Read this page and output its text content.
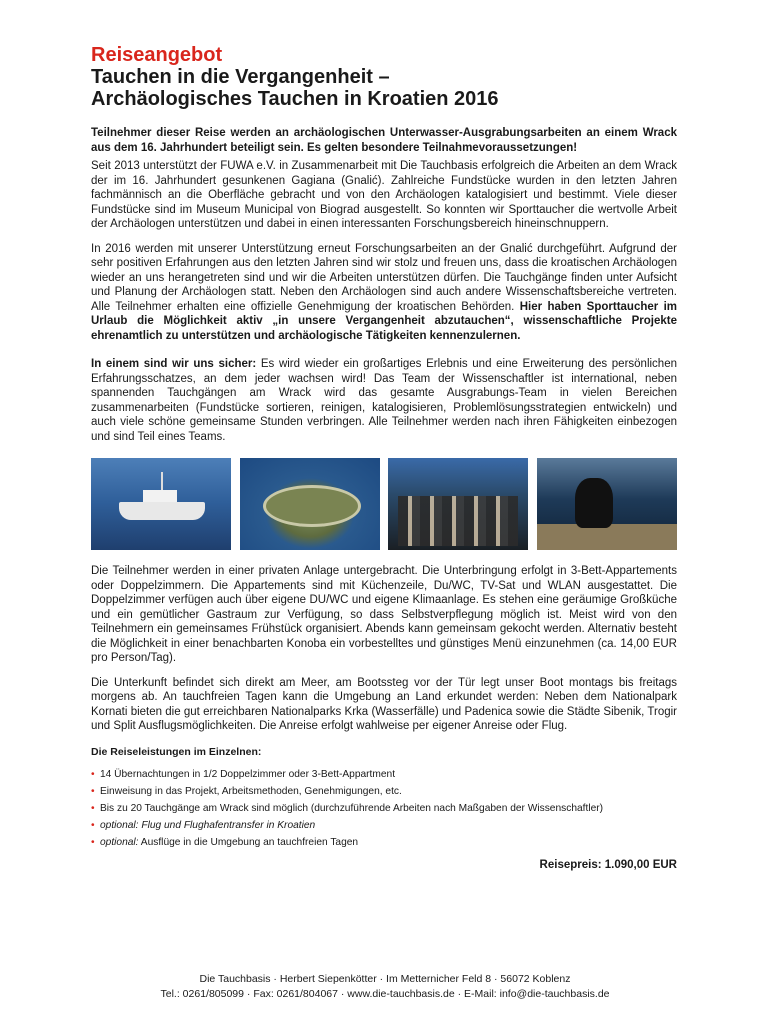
Reiseangebot
Tauchen in die Vergangenheit –
Archäologisches Tauchen in Kroatien 2016

Teilnehmer dieser Reise werden an archäologischen Unterwasser-Ausgrabungsarbeiten an einem Wrack aus dem 16. Jahrhundert beteiligt sein. Es gelten besondere Teilnahmevoraussetzungen!

Seit 2013 unterstützt der FUWA e.V. in Zusammenarbeit mit Die Tauchbasis erfolgreich die Arbeiten an dem Wrack der im 16. Jahrhundert gesunkenen Gagiana (Gnalić). Zahlreiche Fundstücke wurden in den letzten Jahren fachmännisch an die Oberfläche gebracht und von den Archäologen katalogisiert und bestimmt. Viele dieser Fundstücke sind im Museum Municipal von Biograd ausgestellt. So konnten wir Sporttaucher die wertvolle Arbeit der Archäologen unterstützen und dabei in einen interessanten Forschungsbereich hineinschnuppern.

In 2016 werden mit unserer Unterstützung erneut Forschungsarbeiten an der Gnalić durchgeführt. Aufgrund der sehr positiven Erfahrungen aus den letzten Jahren sind wir stolz und freuen uns, dass die kroatischen Archäologen wieder an uns herangetreten sind und wir die Arbeiten unterstützen dürfen. Die Tauchgänge finden unter Aufsicht und Planung der Archäologen statt. Neben den Archäologen sind auch andere Wissenschaftsbereiche vertreten. Alle Teilnehmer erhalten eine offizielle Genehmigung der kroatischen Behörden. Hier haben Sporttaucher im Urlaub die Möglichkeit aktiv „in unsere Vergangenheit abzutauchen“, wissenschaftliche Projekte ehrenamtlich zu unterstützen und archäologische Tätigkeiten kennenzulernen.

In einem sind wir uns sicher: Es wird wieder ein großartiges Erlebnis und eine Erweiterung des persönlichen Erfahrungsschatzes, an dem jeder wachsen wird! Das Team der Wissenschaftler ist international, neben spannenden Tauchgängen am Wrack wird das gesamte Ausgrabungs-Team in vielen Bereichen zusammenarbeiten (Fundstücke sortieren, reinigen, katalogisieren, Problemlösungsstrategien entwickeln) und auch viele schöne gemeinsame Stunden verbringen. Alle Teilnehmer werden nach ihren Fähigkeiten einbezogen und sind Teil eines Teams.

Die Teilnehmer werden in einer privaten Anlage untergebracht. Die Unterbringung erfolgt in 3-Bett-Appartements oder Doppelzimmern. Die Appartements sind mit Küchenzeile, Du/WC, TV-Sat und WLAN ausgestattet. Die Doppelzimmer verfügen auch über eigene DU/WC und eigene Klimaanlage. Es stehen eine geräumige Großküche und ein gemütlicher Gastraum zur Verfügung, so dass Selbstverpflegung möglich ist. Meist wird von den Teilnehmern ein gemeinsames Frühstück organisiert. Abends kann gemeinsam gekocht werden. Alternativ besteht die Möglichkeit in einer benachbarten Konoba ein vorbestelltes und günstiges Menü einzunehmen (ca. 14,00 EUR pro Person/Tag).

Die Unterkunft befindet sich direkt am Meer, am Bootssteg vor der Tür legt unser Boot montags bis freitags morgens ab. An tauchfreien Tagen kann die Umgebung an Land erkundet werden: Neben dem Nationalpark Kornati bieten die gut erreichbaren Nationalparks Krka (Wasserfälle) und Padenica sowie die Städte Sibenik, Trogir und Split Ausflugsmöglichkeiten. Die Anreise erfolgt wahlweise per eigener Anreise oder Flug.

Die Reiseleistungen im Einzelnen:
• 14 Übernachtungen in 1/2 Doppelzimmer oder 3-Bett-Appartment
• Einweisung in das Projekt, Arbeitsmethoden, Genehmigungen, etc.
• Bis zu 20 Tauchgänge am Wrack sind möglich (durchzuführende Arbeiten nach Maßgaben der Wissenschaftler)
• optional: Flug und Flughafentransfer in Kroatien
• optional: Ausflüge in die Umgebung an tauchfreien Tagen
Reisepreis: 1.090,00 EUR
Die Tauchbasis · Herbert Siepenkötter · Im Metternicher Feld 8 · 56072 Koblenz
Tel.: 0261/805099 · Fax: 0261/804067 · www.die-tauchbasis.de · E-Mail: info@die-tauchbasis.de
